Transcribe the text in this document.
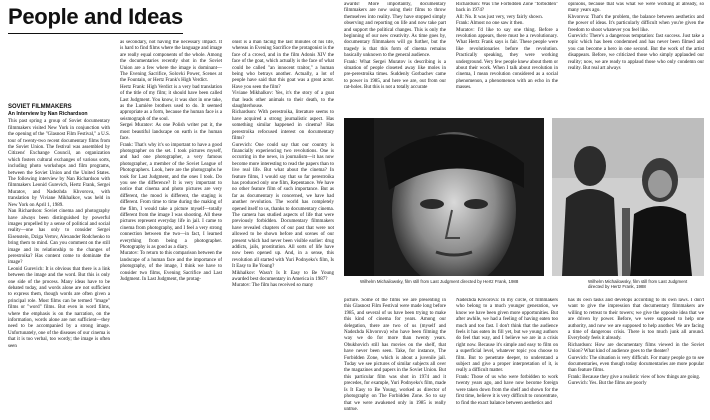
People and Ideas

SOVIET FILMMAKERS

An Interview by Nan Richardson

This past spring a group of Soviet documentary filmmakers visited New York in conjunction with the opening of the "Glasnost Film Festival," a U.S. tour of twenty-two recent documentary films from the Soviet Union. The festival was assembled by Citizens' Exchange Council, an organization which fosters cultural exchanges of various sorts, including photo workshops and film programs, between the Soviet Union and the United States. The following interview by Nan Richardson with filmmakers Leonid Gurevich, Hertz Frank, Sergei Muratov, and Nadezhda Khvorova, with translation by Viviane Mikhalkov, was held in New York on April 1, 1989.

Nan Richardson: Soviet cinema and photography have always been distinguished by powerful images propelled by a sense of political and social reality—one has only to consider Sergei Eisenstein, Dziga Vertov, Alexander Rodchenko to bring them to mind. Can you comment on the still image and its relationship to the changes of perestroika? Has content come to dominate the image?

Leonid Gurevich: It is obvious that there is a link between the image and the word. But this is only one side of the process. Many ideas have to be debated today, and words alone are not sufficient to express them, though words are often given a principal role. Most films can be termed "image" films or "word" films. But even in word films, where the emphasis is on the narration, on the information, words alone are not sufficient—they need to be accompanied by a strong image. Unfortunately, one of the diseases of our cinema is that it is too verbal, too wordy; the image is often seen

as secondary, not having the necessary impact. It is hard to find films where the language and image are really equal components of the whole. Among the documentaries recently shot in the Soviet Union are a few where the image is dominant—The Evening Sacrifice, Solovki Power, Scenes at the Fountain, or Hertz Frank's High Verdict.

Hertz Frank: High Verdict is a very bad translation of the title of my film; it should have been called Last Judgment. You know, it was shot in one take, as the Lumière brothers used to do. It seemed appropriate as a form, because the human face is a seismograph of the soul.

Sergei Muratov: As one Polish writer put it, the most beautiful landscape on earth is the human face.

Frank: That's why it's so important to have a good photographer on the set. I took pictures myself, and had one photographer, a very famous photographer, a member of the Soviet League of Photographers. Look, here are the photographs he took for Last Judgment, and the ones I took. Do you see the difference? It is very important to notice that cinema and photo pictures are very different, the mood is different, the staging is different. From time to time during the making of the film, I would take a picture myself—totally different from the image I was shooting. All these pictures represent everyday life in jail. I came to cinema from photography, and I feel a very strong connection between the two—in fact, I learned everything from being a photographer. Photography is as good as a diary.

Muratov: To return to this comparison between the landscape of a human face and the importance of photography, of the image, I think we have to consider two films, Evening Sacrifice and Last Judgment. In Last Judgment, the protag-

onist is a man facing the last minutes of his life, whereas in Evening Sacrifice the protagonist is the face of a crowd, and in the film Adonis XIV the face of the goat, which actually is the face of what could be called "an innocent traitor," a human being who betrays another. Actually, a lot of people have said that this goat was a great actor. Have you seen the film?

Viviane Mikhalkov: Yes, it's the story of a goat that leads other animals to their death, to the slaughterhouse.

Richardson: With perestroika, literature seems to have acquired a strong journalistic aspect. Has something similar happened in cinema? Has perestroika refocused interest on documentary films?

Gurevich: One could say that our country is financially experiencing two revolutions. One is occurring in the news, in journalism—it has now become more interesting to read the papers than to live real life. But what about the cinema? In feature films, I would say that so far perestroika has produced only one film, Repentance. We have no other feature film of such importance. But as far as documentary is concerned, we have had another revolution. The world has completely opened itself to us, thanks to documentary cinema. The camera has studied aspects of life that were previously forbidden. Documentary filmmakers have revealed chapters of our past that were not allowed to be shown before and scenes of our present which had never been visible earlier: drug addicts, jails, prostitution. All sorts of life have now been opened up. And, in a sense, this revolution all started with Yuri Podnyeks's film, Is It Easy to Be Young?

Mikhalkov: Wasn't Is It Easy to Be Young awarded best documentary in America in 1987?

Muratov: The film has received so many

awards! More importantly, documentary filmmakers are now using their films to throw themselves into reality. They have stopped simply observing and reporting on life and now take part and support the political changes. This is only the beginning of our new creativity. As time goes by, documentary filmmakers will go further, but the tragedy is that this form of cinema remains basically unknown to the general audience.

Frank: What Sergei Muratov is describing is a situation of people closeted away like moles in pre-perestroika times. Suddenly Gorbachev came to power in 1985, and here we are, out from our rat-holes. But this is not a totally accurate

Richardson: Was The Forbidden Zone "forbidden" back in 1974?

All: No. It was just very, very fairly shown.

Frank: Almost no one saw it then.

Muratov: I'd like to say one thing. Before a revolution appears, there must be a revolutionary. What Hertz Frank says is fair. These people were like revolutionaries before the revolution. Practically speaking, they were working underground. Very few people knew about them or about their work. When I talk about revolution in cinema, I mean revolution considered as a social phenomenon, a phenomenon with an echo in the masses.

opinions, because that was what we were working at already, so many years ago.

Khvorova: That's the problem, the balance between aesthetics and the power of ideas. It's particularly difficult when you're given the freedom to shoot whatever you feel like.

Gurevich: There's a dangerous temptation: fast success. Just take a topic which has been condemned and has never been filmed and you can become a hero in one second. But the work of the artist disappears. Before, we criticized those who simply applauded our reality; now, we are ready to applaud those who only condemn our reality. But real art always

Wilhelm Michailowsky, film still from Last Judgment directed by Hertz Frank, 1988	Wilhelm Michailowsky, film still from Last Judgment directed by Hertz Frank, 1988

picture. Some of the films we are presenting in this Glasnost Film Festival were made long before 1985, and several of us have been trying to make this kind of cinema for years. Among our delegation, there are two of us (myself and Nadezhda Khvorova) who have been filming the way we do for more than twenty years. Obukhovich still has movies on the shelf, that have never been seen. Take, for instance, The Forbidden Zone, which is about a juvenile jail. Today we see pictures of similar subjects all over the magazines and papers in the Soviet Union. But this particular film was shot in 1974 and it precedes, for example, Yuri Podnyeks's film, made Is It Easy to Be Young, worked as director of photography on The Forbidden Zone. So to say that we were awakened only in 1985 is really untrue.

Nadezhda Khvorova: In my circle, of filmmakers who belong to a much younger generation, we know we have been given more opportunities. But after awhile, we had a feeling of having eaten too much and too fast. I don't think that the audience feels it has eaten its fill yet, but we young authors do feel that way, and I believe we are in a crisis right now. Because it's simple and easy to film on a superficial level, whatever topic you choose to film. But to penetrate deeper, to understand a subject and give a proper interpretation of it, is really a difficult matter.

Frank: Those of us who were forbidden to work twenty years ago, and have now become foreign were taken down from the shelf and shown for the first time, believe it is very difficult to concentrate, to find the exact balance between aesthetics and

has its own tasks and develops according to its own laws. I don't want to give the impression that documentary filmmakers are willing to retreat to their towers; we give the opposite idea that we are driven by power. Before, we were supposed to help one authority, and now we are supposed to help another. We are facing a time of dangerous crisis. There is too much junk all around. Everybody feels it already.

Richardson: How are documentary films viewed in the Soviet Union? What kind of audience goes to the theater?

Gurevich: The situation is very difficult. For many people go to see documentaries, even though today documentaries are more popular than feature films.

Frank: Because they give a realistic view of how things are going.

Gurevich: Yes. But the films are poorly
